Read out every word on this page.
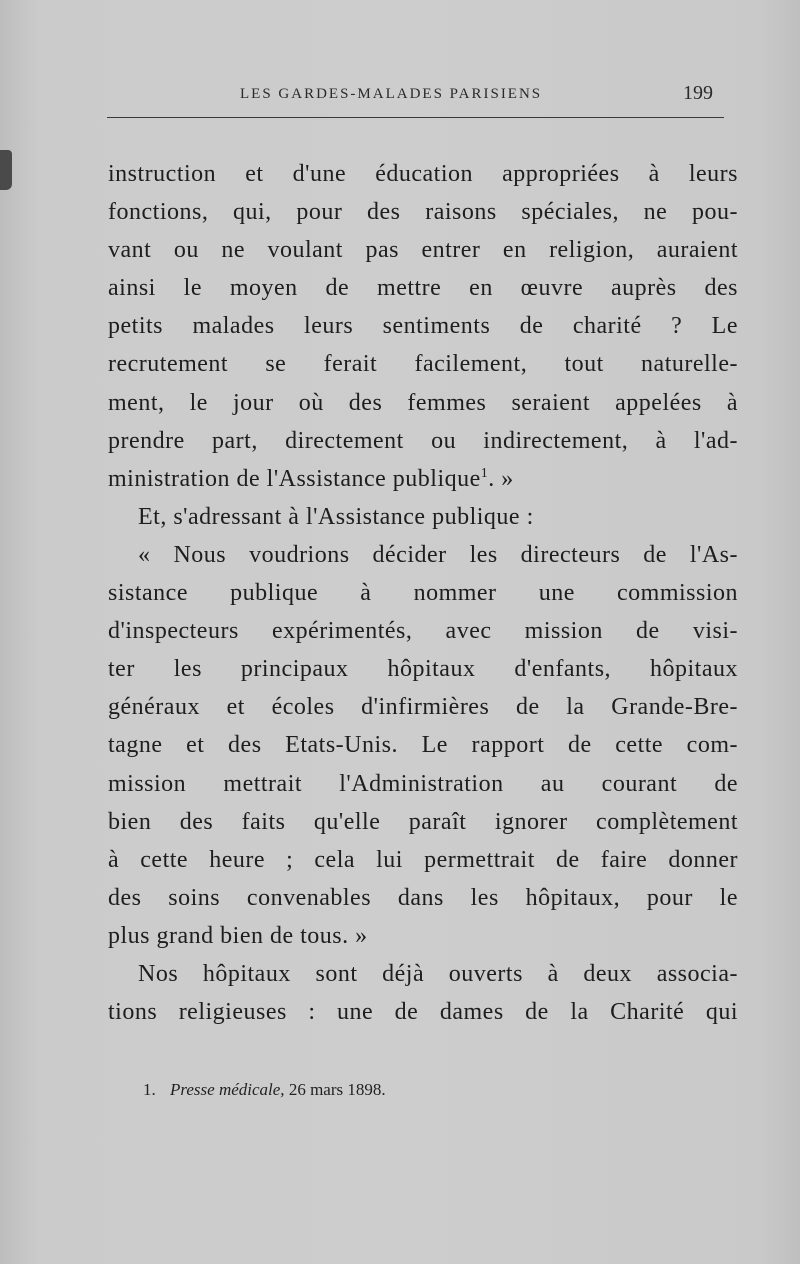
LES GARDES-MALADES PARISIENS	199
instruction et d'une éducation appropriées à leurs
fonctions, qui, pour des raisons spéciales, ne pou-
vant ou ne voulant pas entrer en religion, auraient
ainsi le moyen de mettre en œuvre auprès des
petits malades leurs sentiments de charité ? Le
recrutement se ferait facilement, tout naturelle-
ment, le jour où des femmes seraient appelées à
prendre part, directement ou indirectement, à l'ad-
ministration de l'Assistance publique$^1$. »
Et, s'adressant à l'Assistance publique :
« Nous voudrions décider les directeurs de l'As-
sistance publique à nommer une commission
d'inspecteurs expérimentés, avec mission de visi-
ter les principaux hôpitaux d'enfants, hôpitaux
généraux et écoles d'infirmières de la Grande-Bre-
tagne et des Etats-Unis. Le rapport de cette com-
mission mettrait l'Administration au courant de
bien des faits qu'elle paraît ignorer complètement
à cette heure ; cela lui permettrait de faire donner
des soins convenables dans les hôpitaux, pour le
plus grand bien de tous. »
Nos hôpitaux sont déjà ouverts à deux associa-
tions religieuses : une de dames de la Charité qui
1. Presse médicale, 26 mars 1898.
